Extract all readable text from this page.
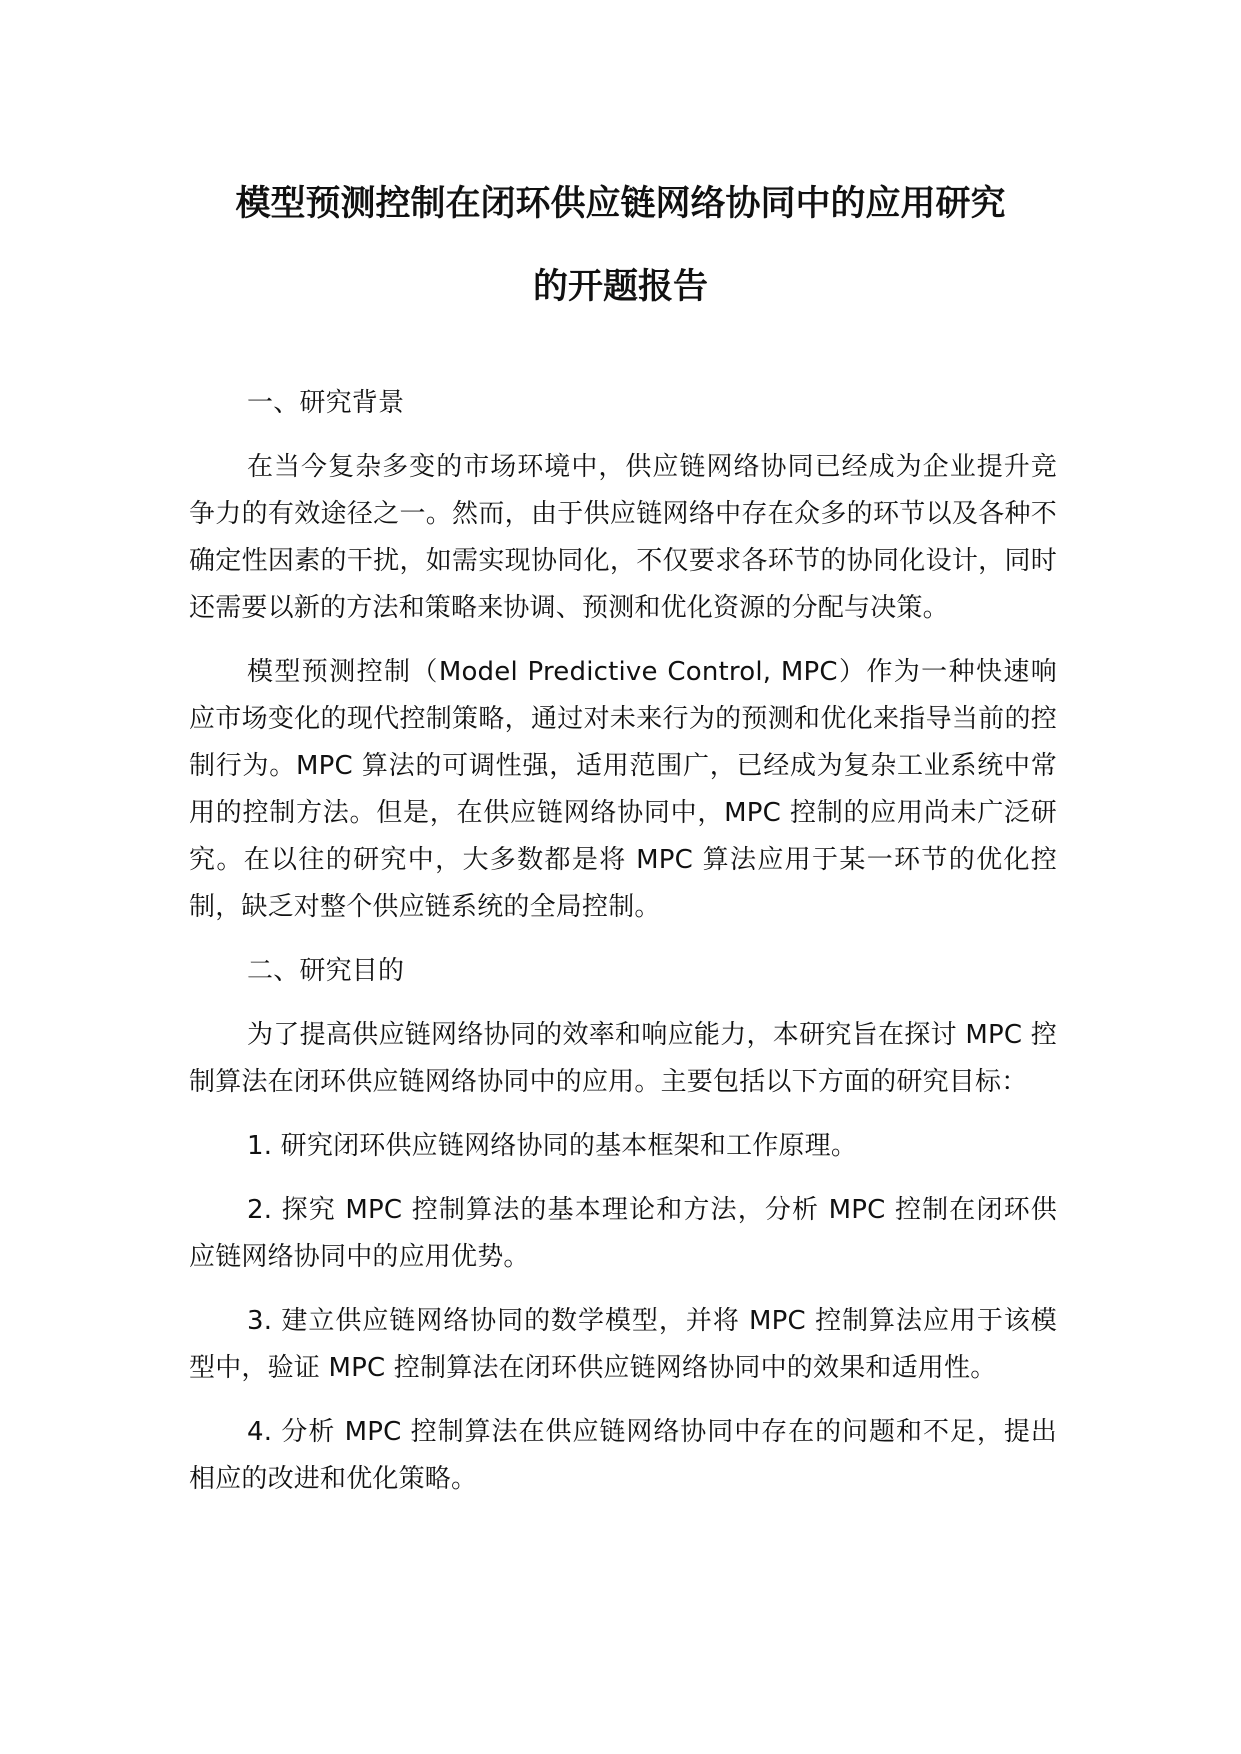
模型预测控制在闭环供应链网络协同中的应用研究
的开题报告

一、研究背景

在当今复杂多变的市场环境中，供应链网络协同已经成为企业提升竞争力的有效途径之一。然而，由于供应链网络中存在众多的环节以及各种不确定性因素的干扰，如需实现协同化，不仅要求各环节的协同化设计，同时还需要以新的方法和策略来协调、预测和优化资源的分配与决策。

模型预测控制（Model Predictive Control, MPC）作为一种快速响应市场变化的现代控制策略，通过对未来行为的预测和优化来指导当前的控制行为。MPC 算法的可调性强，适用范围广，已经成为复杂工业系统中常用的控制方法。但是，在供应链网络协同中，MPC 控制的应用尚未广泛研究。在以往的研究中，大多数都是将 MPC 算法应用于某一环节的优化控制，缺乏对整个供应链系统的全局控制。

二、研究目的

为了提高供应链网络协同的效率和响应能力，本研究旨在探讨 MPC 控制算法在闭环供应链网络协同中的应用。主要包括以下方面的研究目标：

1. 研究闭环供应链网络协同的基本框架和工作原理。

2. 探究 MPC 控制算法的基本理论和方法，分析 MPC 控制在闭环供应链网络协同中的应用优势。

3. 建立供应链网络协同的数学模型，并将 MPC 控制算法应用于该模型中，验证 MPC 控制算法在闭环供应链网络协同中的效果和适用性。

4. 分析 MPC 控制算法在供应链网络协同中存在的问题和不足，提出相应的改进和优化策略。
